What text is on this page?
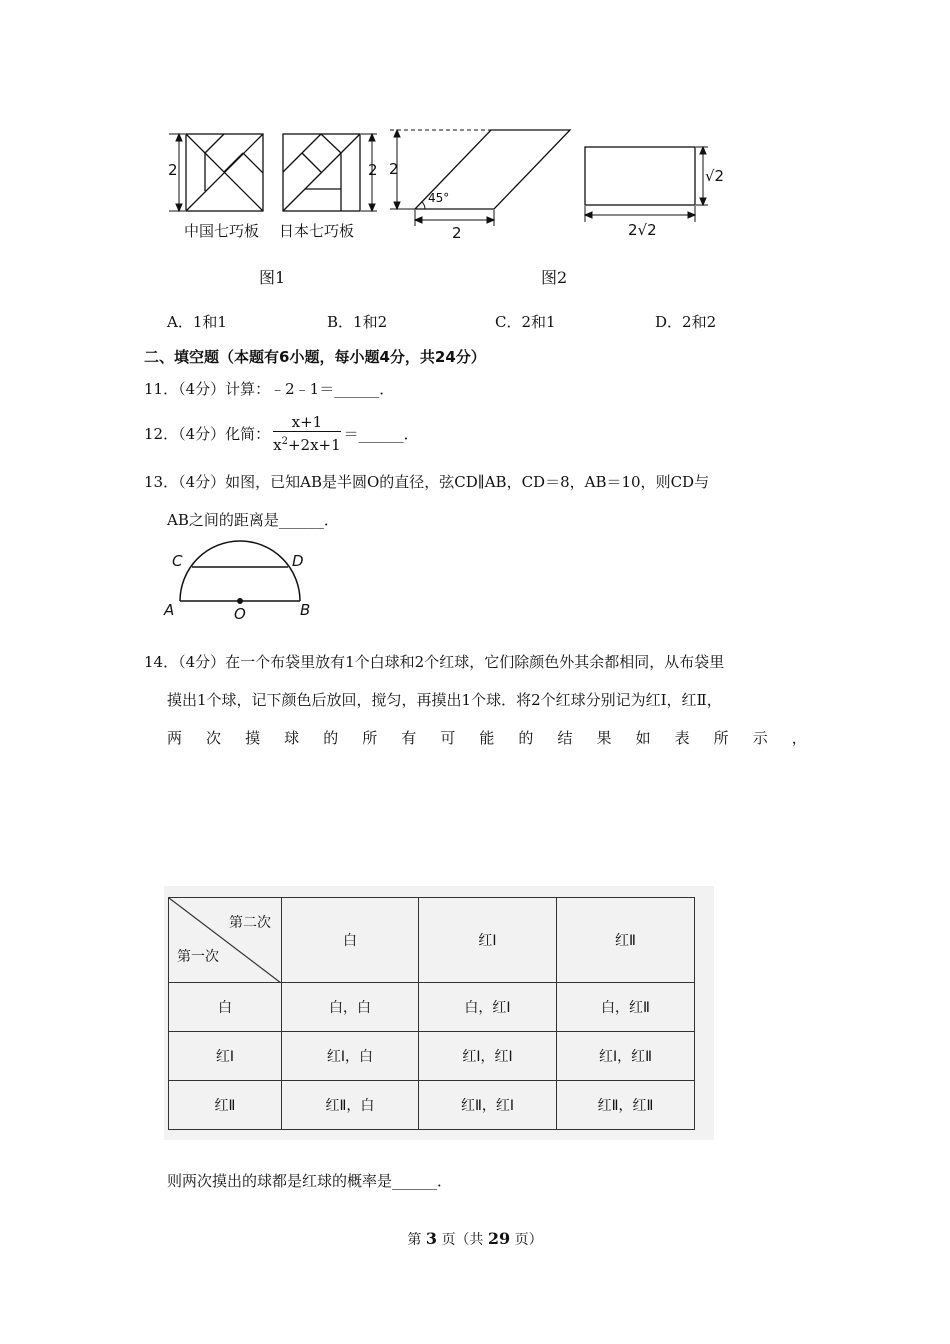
2	2
中国七巧板 日本七巧板
图1
2
45°
2
√2
2√2
图2
A．1和1	B．1和2	C．2和1	D．2和2
二、填空题（本题有6小题，每小题4分，共24分）
11．（4分）计算：﹣2﹣1＝______．
12．（4分）化简： $\frac{x+1}{x^2+2x+1}$ ＝______．
13．（4分）如图，已知AB是半圆O的直径，弦CD∥AB，CD＝8，AB＝10，则CD与
AB之间的距离是______．
C	D
A	B
O
14．（4分）在一个布袋里放有1个白球和2个红球，它们除颜色外其余都相同，从布袋里
摸出1个球，记下颜色后放回，搅匀，再摸出1个球．将2个红球分别记为红Ⅰ，红Ⅱ，
两 次 摸 球 的 所 有 可 能 的 结 果 如 表 所 示 ，
第二次
第一次	白	红Ⅰ	红Ⅱ
白	白，白	白，红Ⅰ	白，红Ⅱ
红Ⅰ	红Ⅰ，白	红Ⅰ，红Ⅰ	红Ⅰ，红Ⅱ
红Ⅱ	红Ⅱ，白	红Ⅱ，红Ⅰ	红Ⅱ，红Ⅱ
则两次摸出的球都是红球的概率是______．
第 3 页（共 29 页）
